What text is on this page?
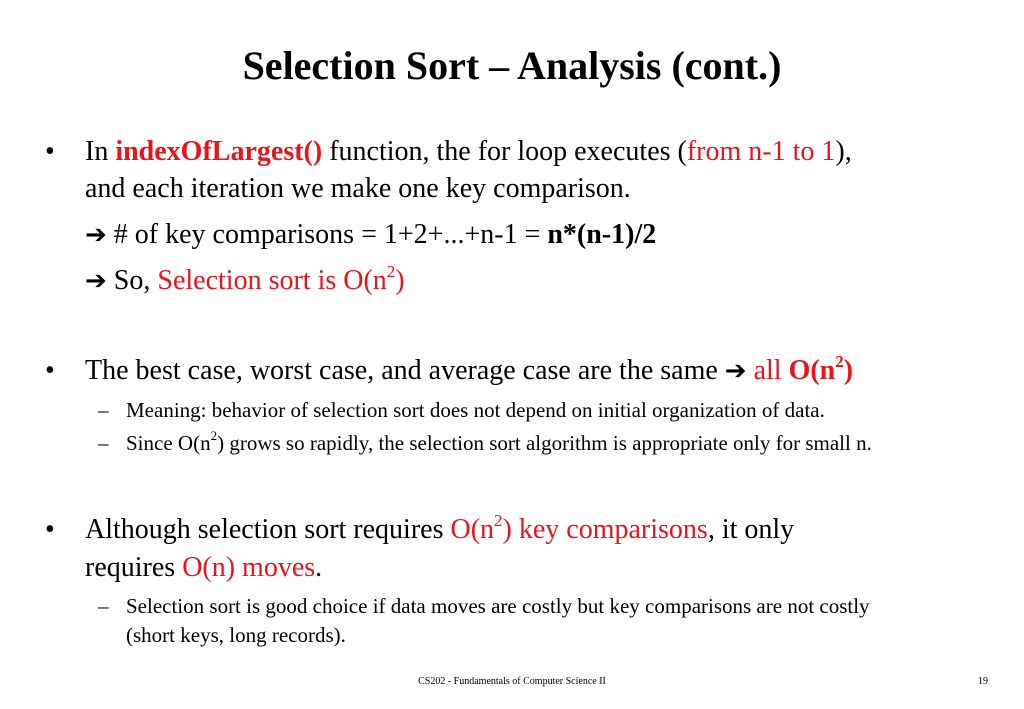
Selection Sort – Analysis (cont.)
•	In indexOfLargest() function, the for loop executes (from n-1 to 1),
and each iteration we make one key comparison.
➔ # of key comparisons = 1+2+...+n-1 = n*(n-1)/2
➔ So, Selection sort is $O(n^2)$
•	The best case, worst case, and average case are the same ➔ all $O(n^2)$
– Meaning: behavior of selection sort does not depend on initial organization of data.
– Since $O(n^2)$ grows so rapidly, the selection sort algorithm is appropriate only for small n.
•	Although selection sort requires $O(n^2)$ key comparisons, it only
requires O(n) moves.
– Selection sort is good choice if data moves are costly but key comparisons are not costly
(short keys, long records).
CS202 - Fundamentals of Computer Science II	19
